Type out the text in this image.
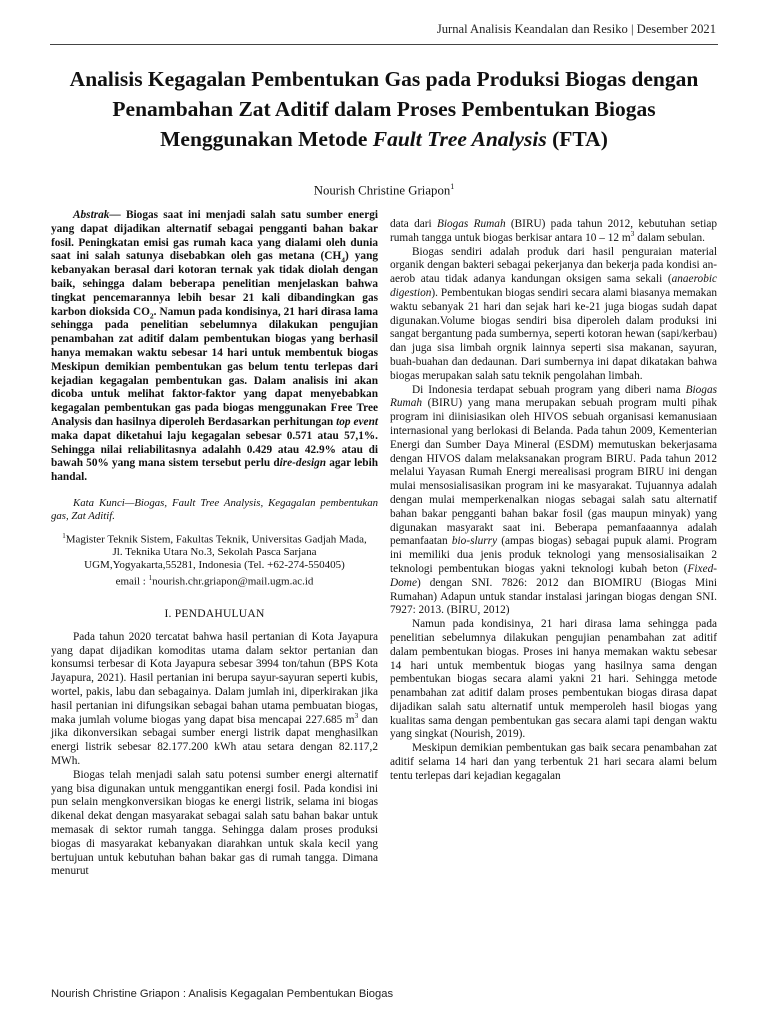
Jurnal Analisis Keandalan dan Resiko | Desember 2021
Analisis Kegagalan Pembentukan Gas pada Produksi Biogas dengan Penambahan Zat Aditif dalam Proses Pembentukan Biogas Menggunakan Metode Fault Tree Analysis (FTA)
Nourish Christine Griapon$^1$

Abstrak— Biogas saat ini menjadi salah satu sumber energi yang dapat dijadikan alternatif sebagai pengganti bahan bakar fosil. Peningkatan emisi gas rumah kaca yang dialami oleh dunia saat ini salah satunya disebabkan oleh gas metana $(CH_4)$ yang kebanyakan berasal dari kotoran ternak yak tidak diolah dengan baik, sehingga dalam beberapa penelitian menjelaskan bahwa tingkat pencemarannya lebih besar 21 kali dibandingkan gas karbon dioksida $CO_2$. Namun pada kondisinya, 21 hari dirasa lama sehingga pada penelitian sebelumnya dilakukan pengujian penambahan zat aditif dalam pembentukan biogas yang berhasil hanya memakan waktu sebesar 14 hari untuk membentuk biogas Meskipun demikian pembentukan gas belum tentu terlepas dari kejadian kegagalan pembentukan gas. Dalam analisis ini akan dicoba untuk melihat faktor-faktor yang dapat menyebabkan kegagalan pembentukan gas pada biogas menggunakan Free Tree Analysis dan hasilnya diperoleh Berdasarkan perhitungan top event maka dapat diketahui laju kegagalan sebesar 0.571 atau 57,1%. Sehingga nilai reliabilitasnya adalahh 0.429 atau 42.9% atau di bawah 50% yang mana sistem tersebut perlu dire-design agar lebih handal.

Kata Kunci—Biogas, Fault Tree Analysis, Kegagalan pembentukan gas, Zat Aditif.

$^1$Magister Teknik Sistem, Fakultas Teknik, Universitas Gadjah Mada,
Jl. Teknika Utara No.3, Sekolah Pasca Sarjana
UGM,Yogyakarta,55281, Indonesia (Tel. +62-274-550405)
email : $^1$nourish.chr.griapon@mail.ugm.ac.id

I. PENDAHULUAN

Pada tahun 2020 tercatat bahwa hasil pertanian di Kota Jayapura yang dapat dijadikan komoditas utama dalam sektor pertanian dan konsumsi terbesar di Kota Jayapura sebesar 3994 ton/tahun (BPS Kota Jayapura, 2021). Hasil pertanian ini berupa sayur-sayuran seperti kubis, wortel, pakis, labu dan sebagainya. Dalam jumlah ini, diperkirakan jika hasil pertanian ini difungsikan sebagai bahan utama pembuatan biogas, maka jumlah volume biogas yang dapat bisa mencapai 227.685 $m^3$ dan jika dikonversikan sebagai sumber energi listrik dapat menghasilkan energi listrik sebesar 82.177.200 kWh atau setara dengan 82.117,2 MWh.

Biogas telah menjadi salah satu potensi sumber energi alternatif yang bisa digunakan untuk menggantikan energi fosil. Pada kondisi ini pun selain mengkonversikan biogas ke energi listrik, selama ini biogas dikenal dekat dengan masyarakat sebagai salah satu bahan bakar untuk memasak di sektor rumah tangga. Sehingga dalam proses produksi biogas di masyarakat kebanyakan diarahkan untuk skala kecil yang bertujuan untuk kebutuhan bahan bakar gas di rumah tangga. Dimana menurut

data dari Biogas Rumah (BIRU) pada tahun 2012, kebutuhan setiap rumah tangga untuk biogas berkisar antara 10 – 12 $m^3$ dalam sebulan.

Biogas sendiri adalah produk dari hasil penguraian material organik dengan bakteri sebagai pekerjanya dan bekerja pada kondisi an-aerob atau tidak adanya kandungan oksigen sama sekali (anaerobic digestion). Pembentukan biogas sendiri secara alami biasanya memakan waktu sebanyak 21 hari dan sejak hari ke-21 juga biogas sudah dapat digunakan.Volume biogas sendiri bisa diperoleh dalam produksi ini sangat bergantung pada sumbernya, seperti kotoran hewan (sapi/kerbau) dan juga sisa limbah orgnik lainnya seperti sisa makanan, sayuran, buah-buahan dan dedaunan. Dari sumbernya ini dapat dikatakan bahwa biogas merupakan salah satu teknik pengolahan limbah.

Di Indonesia terdapat sebuah program yang diberi nama Biogas Rumah (BIRU) yang mana merupakan sebuah program multi pihak program ini diinisiasikan oleh HIVOS sebuah organisasi kemanusiaan internasional yang berlokasi di Belanda. Pada tahun 2009, Kementerian Energi dan Sumber Daya Mineral (ESDM) memutuskan bekerjasama dengan HIVOS dalam melaksanakan program BIRU. Pada tahun 2012 melalui Yayasan Rumah Energi merealisasi program BIRU ini dengan mulai mensosialisasikan program ini ke masyarakat. Tujuannya adalah dengan mulai memperkenalkan niogas sebagai salah satu alternatif bahan bakar pengganti bahan bakar fosil (gas maupun minyak) yang digunakan masyarakt saat ini. Beberapa pemanfaaannya adalah pemanfaatan bio-slurry (ampas biogas) sebagai pupuk alami. Program ini memiliki dua jenis produk teknologi yang mensosialisaikan 2 teknologi pembentukan biogas yakni teknologi kubah beton (Fixed-Dome) dengan SNI. 7826: 2012 dan BIOMIRU (Biogas Mini Rumahan) Adapun untuk standar instalasi jaringan biogas dengan SNI. 7927: 2013. (BIRU, 2012)

Namun pada kondisinya, 21 hari dirasa lama sehingga pada penelitian sebelumnya dilakukan pengujian penambahan zat aditif dalam pembentukan biogas. Proses ini hanya memakan waktu sebesar 14 hari untuk membentuk biogas yang hasilnya sama dengan pembentukan biogas secara alami yakni 21 hari. Sehingga metode penambahan zat aditif dalam proses pembentukan biogas dirasa dapat dijadikan salah satu alternatif untuk memperoleh hasil biogas yang kualitas sama dengan pembentukan gas secara alami tapi dengan waktu yang singkat (Nourish, 2019).

Meskipun demikian pembentukan gas baik secara penambahan zat aditif selama 14 hari dan yang terbentuk 21 hari secara alami belum tentu terlepas dari kejadian kegagalan

Nourish Christine Griapon : Analisis Kegagalan Pembentukan Biogas
